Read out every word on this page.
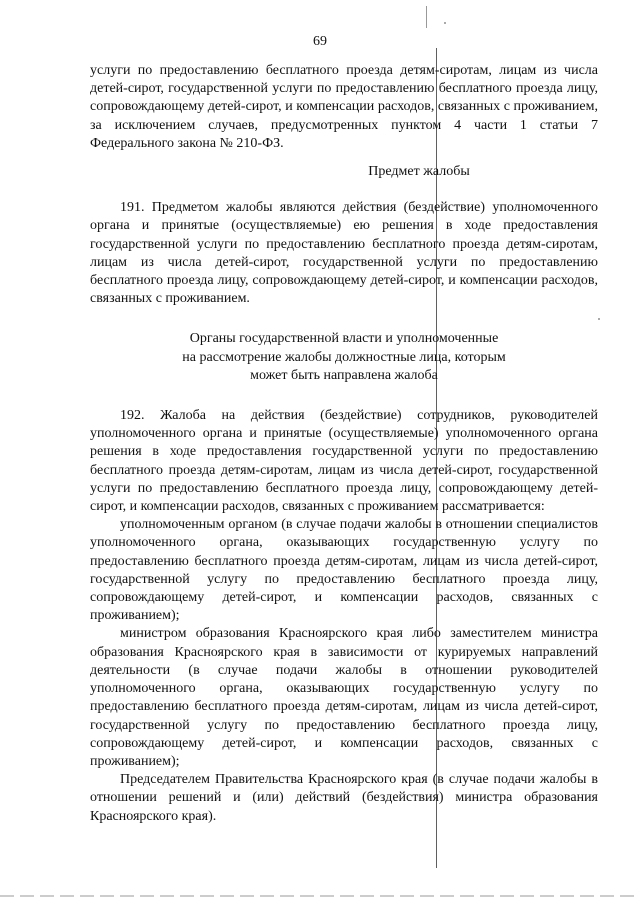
69

услуги по предоставлению бесплатного проезда детям-сиротам, лицам из числа детей-сирот, государственной услуги по предоставлению бесплатного проезда лицу, сопровождающему детей-сирот, и компенсации расходов, связанных с проживанием, за исключением случаев, предусмотренных пунктом 4 части 1 статьи 7 Федерального закона № 210-ФЗ.

Предмет жалобы

191. Предметом жалобы являются действия (бездействие) уполномоченного органа и принятые (осуществляемые) ею решения в ходе предоставления государственной услуги по предоставлению бесплатного проезда детям-сиротам, лицам из числа детей-сирот, государственной услуги по предоставлению бесплатного проезда лицу, сопровождающему детей-сирот, и компенсации расходов, связанных с проживанием.

Органы государственной власти и уполномоченные

на рассмотрение жалобы должностные лица, которым

может быть направлена жалоба

192. Жалоба на действия (бездействие) сотрудников, руководителей уполномоченного органа и принятые (осуществляемые) уполномоченного органа решения в ходе предоставления государственной услуги по предоставлению бесплатного проезда детям-сиротам, лицам из числа детей-сирот, государственной услуги по предоставлению бесплатного проезда лицу, сопровождающему детей-сирот, и компенсации расходов, связанных с проживанием рассматривается:

уполномоченным органом (в случае подачи жалобы в отношении специалистов уполномоченного органа, оказывающих государственную услугу по предоставлению бесплатного проезда детям-сиротам, лицам из числа детей-сирот, государственной услугу по предоставлению бесплатного проезда лицу, сопровождающему детей-сирот, и компенсации расходов, связанных с проживанием);

министром образования Красноярского края либо заместителем министра образования Красноярского края в зависимости от курируемых направлений деятельности (в случае подачи жалобы в отношении руководителей уполномоченного органа, оказывающих государственную услугу по предоставлению бесплатного проезда детям-сиротам, лицам из числа детей-сирот, государственной услугу по предоставлению бесплатного проезда лицу, сопровождающему детей-сирот, и компенсации расходов, связанных с проживанием);

Председателем Правительства Красноярского края (в случае подачи жалобы в отношении решений и (или) действий (бездействия) министра образования Красноярского края).
